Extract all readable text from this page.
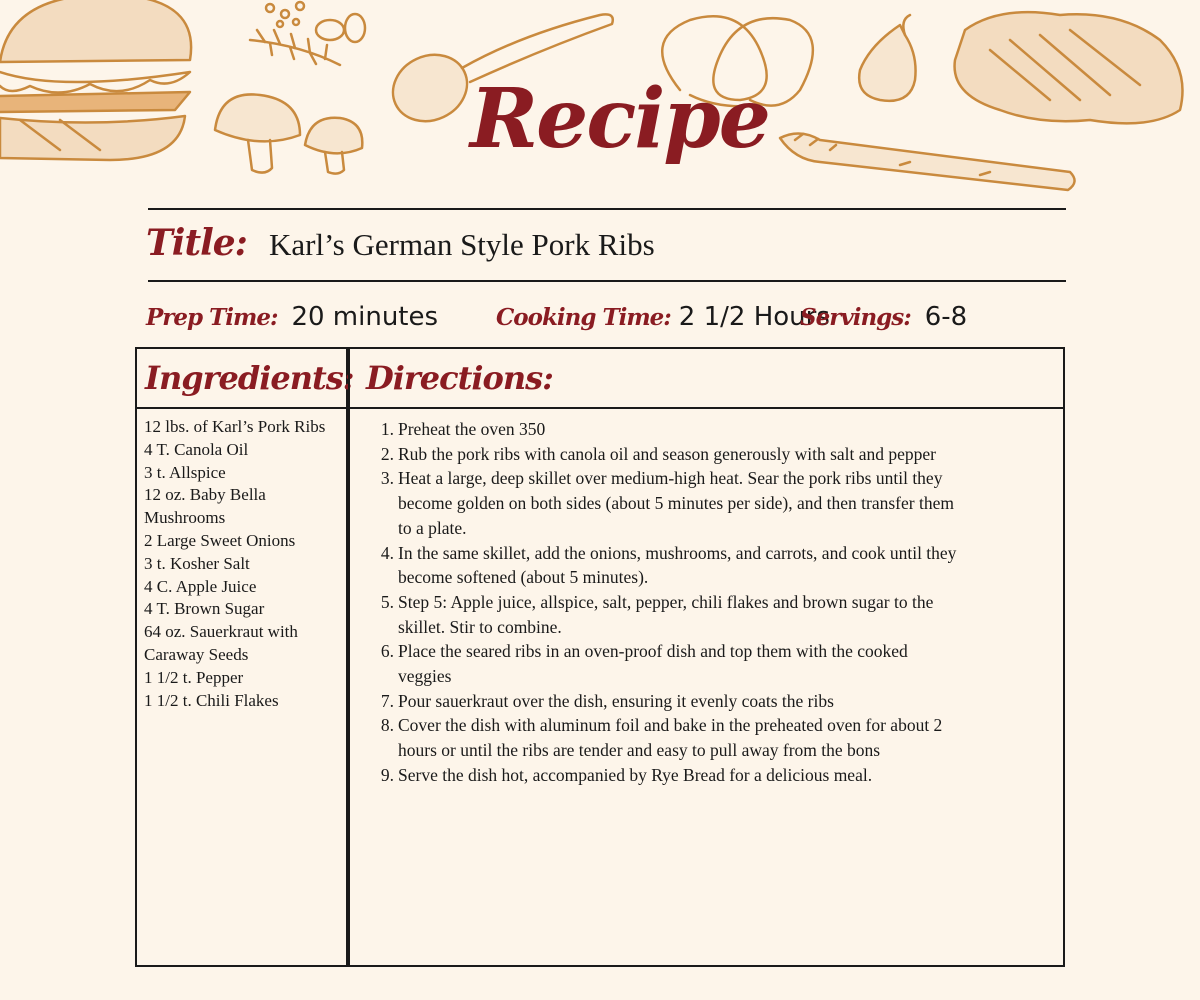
Recipe
Title: Karl’s German Style Pork Ribs
Prep Time: 20 minutes	Cooking Time: 2 1/2 Hours
Servings: 6-8
Ingredients:
12 lbs. of Karl’s Pork Ribs
4 T. Canola Oil
3 t. Allspice
12 oz. Baby Bella
Mushrooms
2 Large Sweet Onions
3 t. Kosher Salt
4 C. Apple Juice
4 T. Brown Sugar
64 oz. Sauerkraut with
Caraway Seeds
1 1/2 t. Pepper
1 1/2 t. Chili Flakes
Directions:
1. Preheat the oven 350
2. Rub the pork ribs with canola oil and season generously with salt and pepper
3. Heat a large, deep skillet over medium-high heat. Sear the pork ribs until they
become golden on both sides (about 5 minutes per side), and then transfer them
to a plate.
4. In the same skillet, add the onions, mushrooms, and carrots, and cook until they
become softened (about 5 minutes).
5. Step 5: Apple juice, allspice, salt, pepper, chili flakes and brown sugar to the
skillet. Stir to combine.
6. Place the seared ribs in an oven-proof dish and top them with the cooked
veggies
7. Pour sauerkraut over the dish, ensuring it evenly coats the ribs
8. Cover the dish with aluminum foil and bake in the preheated oven for about 2
hours or until the ribs are tender and easy to pull away from the bons
9. Serve the dish hot, accompanied by Rye Bread for a delicious meal.
